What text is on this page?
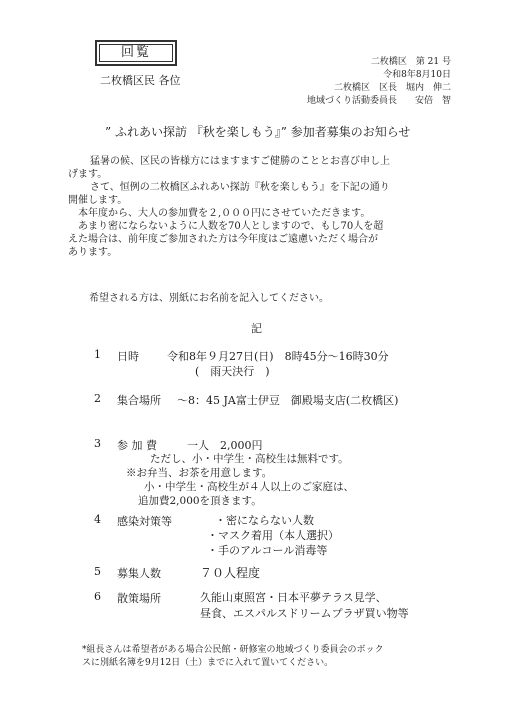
回覧
二枚橋区民 各位
二枚橋区　第 21 号
令和8年8月10日
二枚橋区　区長　堀内　伸二
地域づくり活動委員長　　安倍　智
” ふれあい探訪 『秋を楽しもう』” 参加者募集のお知らせ
猛暑の候、区民の皆様方にはますますご健勝のこととお喜び申し上
げます。
さて、恒例の二枚橋区ふれあい探訪『秋を楽しもう』を下記の通り
開催します。
本年度から、大人の参加費を２,０００円にさせていただきます。
あまり密にならないように人数を70人としますので、もし70人を超
えた場合は、前年度ご参加された方は今年度はご遠慮いただく場合が
あります。
希望される方は、別紙にお名前を記入してください。
記
1 日時	令和8年９月27日(日)　8時45分～16時30分
(　雨天決行　)
2 集合場所 ～8：45 JA富士伊豆　御殿場支店(二枚橋区)
3 参 加 費	一人　2,000円
ただし、小・中学生・高校生は無料です。
※お弁当、お茶を用意します。
小・中学生・高校生が４人以上のご家庭は、
追加費2,000を頂きます。
4 感染対策等	・密にならない人数
・マスク着用（本人選択）
・手のアルコール消毒等
5 募集人数	７０人程度
6 散策場所	久能山東照宮・日本平夢テラス見学、
昼食、エスパルスドリームプラザ買い物等
*組長さんは希望者がある場合公民館・研修室の地域づくり委員会のボック
スに別紙名簿を9月12日（土）までに入れて置いてください。
